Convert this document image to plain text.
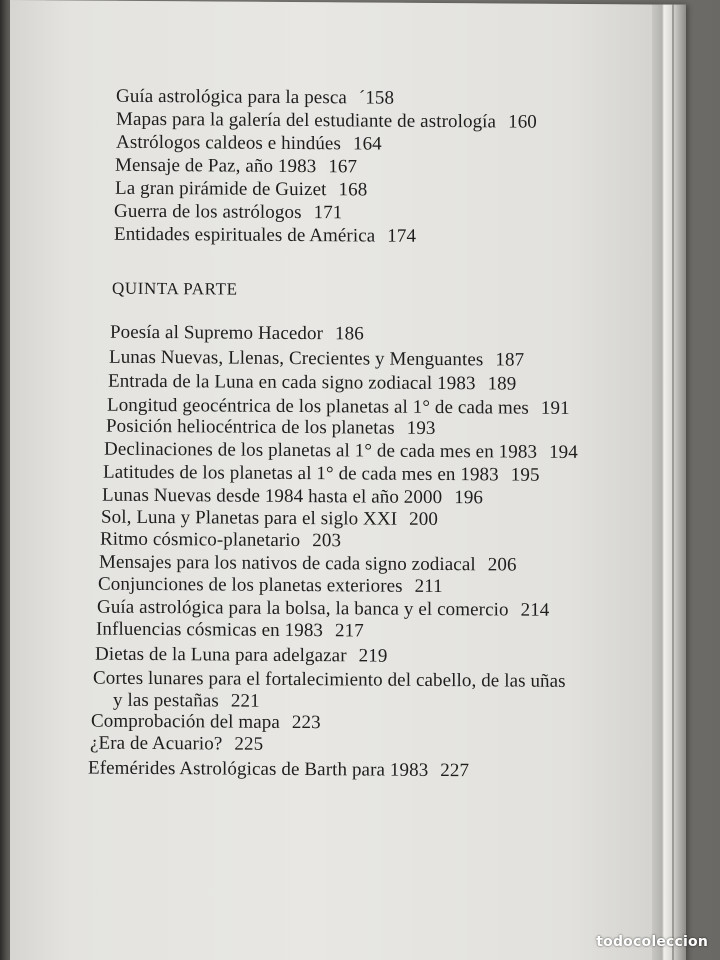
Guía astrológica para la pesca ´158
Mapas para la galería del estudiante de astrología 160
Astrólogos caldeos e hindúes 164
Mensaje de Paz, año 1983 167
La gran pirámide de Guizet 168
Guerra de los astrólogos 171
Entidades espirituales de América 174
QUINTA PARTE
Poesía al Supremo Hacedor 186
Lunas Nuevas, Llenas, Crecientes y Menguantes 187
Entrada de la Luna en cada signo zodiacal 1983 189
Longitud geocéntrica de los planetas al 1° de cada mes 191
Posición heliocéntrica de los planetas 193
Declinaciones de los planetas al 1° de cada mes en 1983 194
Latitudes de los planetas al 1° de cada mes en 1983 195
Lunas Nuevas desde 1984 hasta el año 2000 196
Sol, Luna y Planetas para el siglo XXI 200
Ritmo cósmico-planetario 203
Mensajes para los nativos de cada signo zodiacal 206
Conjunciones de los planetas exteriores 211
Guía astrológica para la bolsa, la banca y el comercio 214
Influencias cósmicas en 1983 217
Dietas de la Luna para adelgazar 219
Cortes lunares para el fortalecimiento del cabello, de las uñas
y las pestañas 221
Comprobación del mapa 223
¿Era de Acuario? 225
Efemérides Astrológicas de Barth para 1983 227
todocoleccion
